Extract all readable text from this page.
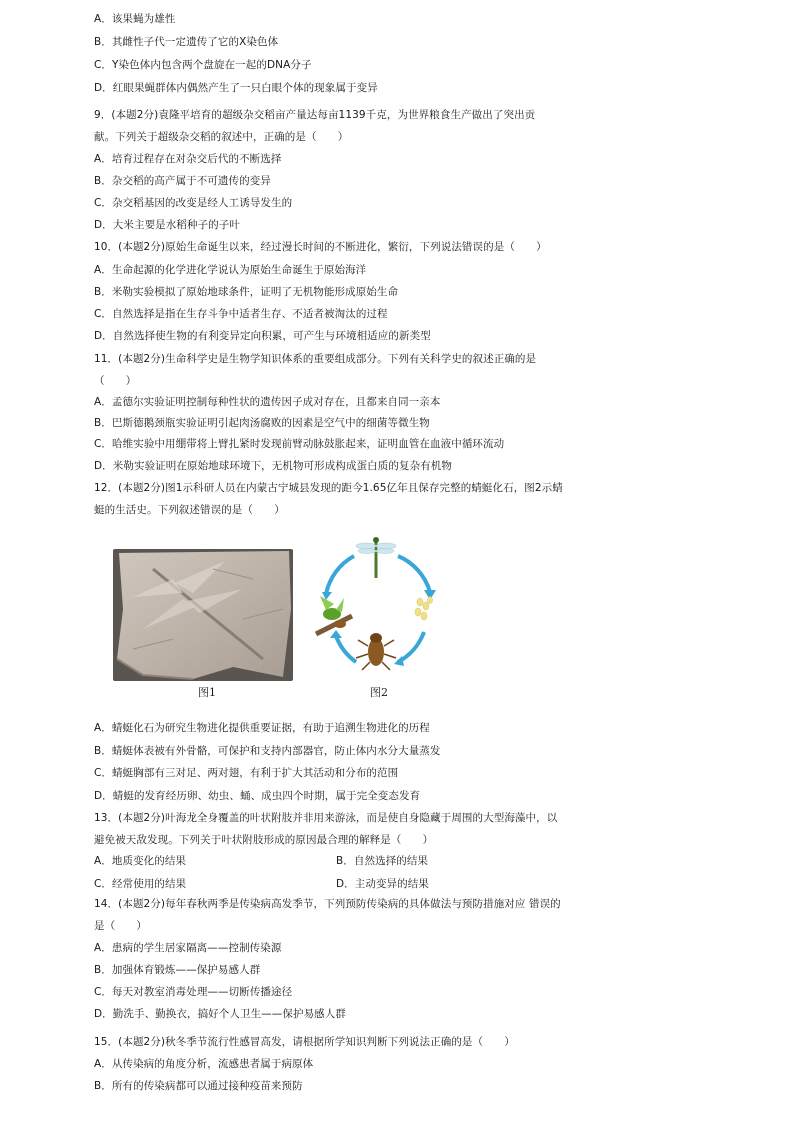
A．该果蝇为雄性
B．其雌性子代一定遗传了它的X染色体
C．Y染色体内包含两个盘旋在一起的DNA分子
D．红眼果蝇群体内偶然产生了一只白眼个体的现象属于变异
9．(本题2分)袁隆平培育的超级杂交稻亩产量达每亩1139千克，为世界粮食生产做出了突出贡
献。下列关于超级杂交稻的叙述中，正确的是（　　）
A．培育过程存在对杂交后代的不断选择
B．杂交稻的高产属于不可遗传的变异
C．杂交稻基因的改变是经人工诱导发生的
D．大米主要是水稻种子的子叶
10．(本题2分)原始生命诞生以来，经过漫长时间的不断进化，繁衍，下列说法错误的是（　　）
A．生命起源的化学进化学说认为原始生命诞生于原始海洋
B．米勒实验模拟了原始地球条件，证明了无机物能形成原始生命
C．自然选择是指在生存斗争中适者生存、不适者被淘汰的过程
D．自然选择使生物的有利变异定向积累，可产生与环境相适应的新类型
11．(本题2分)生命科学史是生物学知识体系的重要组成部分。下列有关科学史的叙述正确的是
（　　）
A．孟德尔实验证明控制每种性状的遗传因子成对存在，且都来自同一亲本
B．巴斯德鹅颈瓶实验证明引起肉汤腐败的因素是空气中的细菌等微生物
C．哈维实验中用绷带将上臂扎紧时发现前臂动脉鼓胀起来，证明血管在血液中循环流动
D．米勒实验证明在原始地球环境下，无机物可形成构成蛋白质的复杂有机物
12．(本题2分)图1示科研人员在内蒙古宁城县发现的距今1.65亿年且保存完整的蜻蜓化石，图2示蜻
蜓的生活史。下列叙述错误的是（　　）
图1	图2
A．蜻蜓化石为研究生物进化提供重要证据，有助于追溯生物进化的历程
B．蜻蜓体表被有外骨骼，可保护和支持内部器官，防止体内水分大量蒸发
C．蜻蜓胸部有三对足、两对翅，有利于扩大其活动和分布的范围
D．蜻蜓的发育经历卵、幼虫、蛹、成虫四个时期，属于完全变态发育
13．(本题2分)叶海龙全身覆盖的叶状附肢并非用来游泳，而是使自身隐藏于周围的大型海藻中，以
避免被天敌发现。下列关于叶状附肢形成的原因最合理的解释是（　　）
A．地质变化的结果	B．自然选择的结果
C．经常使用的结果	D．主动变异的结果
14．(本题2分)每年春秋两季是传染病高发季节，下列预防传染病的具体做法与预防措施对应 错误的
是（　　）
A．患病的学生居家隔离——控制传染源
B．加强体育锻炼——保护易感人群
C．每天对教室消毒处理——切断传播途径
D．勤洗手、勤换衣，搞好个人卫生——保护易感人群
15．(本题2分)秋冬季节流行性感冒高发，请根据所学知识判断下列说法正确的是（　　）
A．从传染病的角度分析，流感患者属于病原体
B．所有的传染病都可以通过接种疫苗来预防
